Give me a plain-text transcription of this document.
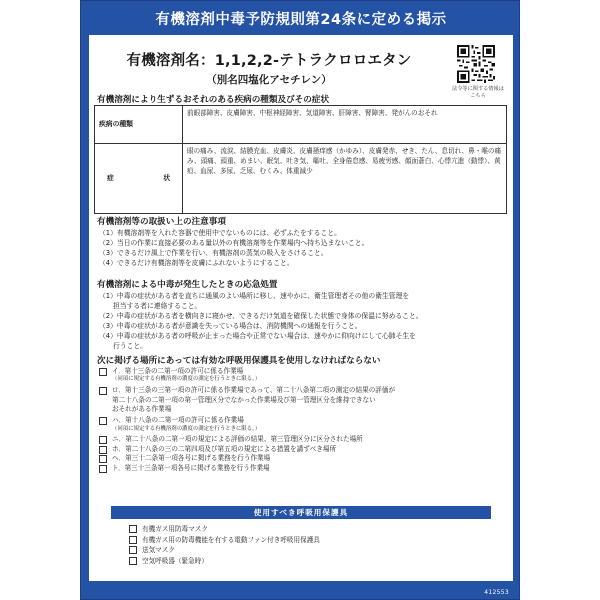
有機溶剤中毒予防規則第24条に定める掲示
有機溶剤名：1,1,2,2-テトラクロロエタン
（別名四塩化アセチレン）
法令等に関する情報はこちら
有機溶剤により生ずるおそれのある疾病の種類及びその症状
疾病の種類	前眼部障害、皮膚障害、中枢神経障害、気道障害、肝障害、腎障害、発がんのおそれ

症 状	眼の痛み、流涙、結膜充血、皮膚炎、皮膚掻痒感（かゆみ）、皮膚発赤、せき、たん、息切れ、鼻・喉の痛み、頭痛、頭重、めまい、眠気、吐き気、嘔吐、全身倦怠感、易疲労感、顔面蒼白、心悸亢進（動悸）、黄疸、血尿、多尿、乏尿、むくみ、体重減少
有機溶剤等の取扱い上の注意事項
（1）有機溶剤等を入れた容器で使用中でないものには、必ずふたをすること。
（2）当日の作業に直接必要のある量以外の有機溶剤等を作業場内へ持ち込まないこと。
（3）できるだけ風上で作業を行い、有機溶剤の蒸気の吸入をさけること。
（4）できるだけ有機溶剤等を皮膚にふれないようにすること。
有機溶剤による中毒が発生したときの応急処置
（1）中毒の症状がある者を直ちに通風のよい場所に移し、速やかに、衛生管理者その他の衛生管理を
担当する者に連絡すること。
（2）中毒の症状がある者を横向きに寝かせ、できるだけ気道を確保した状態で身体の保温に努めること。
（3）中毒の症状がある者が意識を失っている場合は、消防機関への通報を行うこと。
（4）中毒の症状がある者の呼吸が止まった場合や正常でない場合は、速やかに仰向けにして心肺そ生を
行うこと。
次に掲げる場所にあっては有効な呼吸用保護具を使用しなければならない
イ．第十三条の二第一項の許可に係る作業場
（同項に規定する有機溶剤の濃度の測定を行うときに限る。）
ロ．第十三条の三第一項の許可に係る作業場であって、第二十八条第二項の測定の結果の評価が
第二十八条の二第一項の第一管理区分でなかった作業場及び第一管理区分を維持できない
おそれがある作業場
ハ．第十八条の二第一項の許可に係る作業場
（同項に規定する有機溶剤の濃度の測定を行うときに限る。）
ニ．第二十八条の二第一項の規定による評価の結果、第三管理区分に区分された場所
ホ．第二十八条の三の二第四項及び第五項の規定による措置を講ずべき場所
ヘ．第三十二条第一項各号に掲げる業務を行う作業場
ト．第三十三条第一項各号に掲げる業務を行う作業場
使用すべき呼吸用保護具
有機ガス用防毒マスク
有機ガス用の防毒機能を有する電動ファン付き呼吸用保護具
送気マスク
空気呼吸器（緊急時）
412553
